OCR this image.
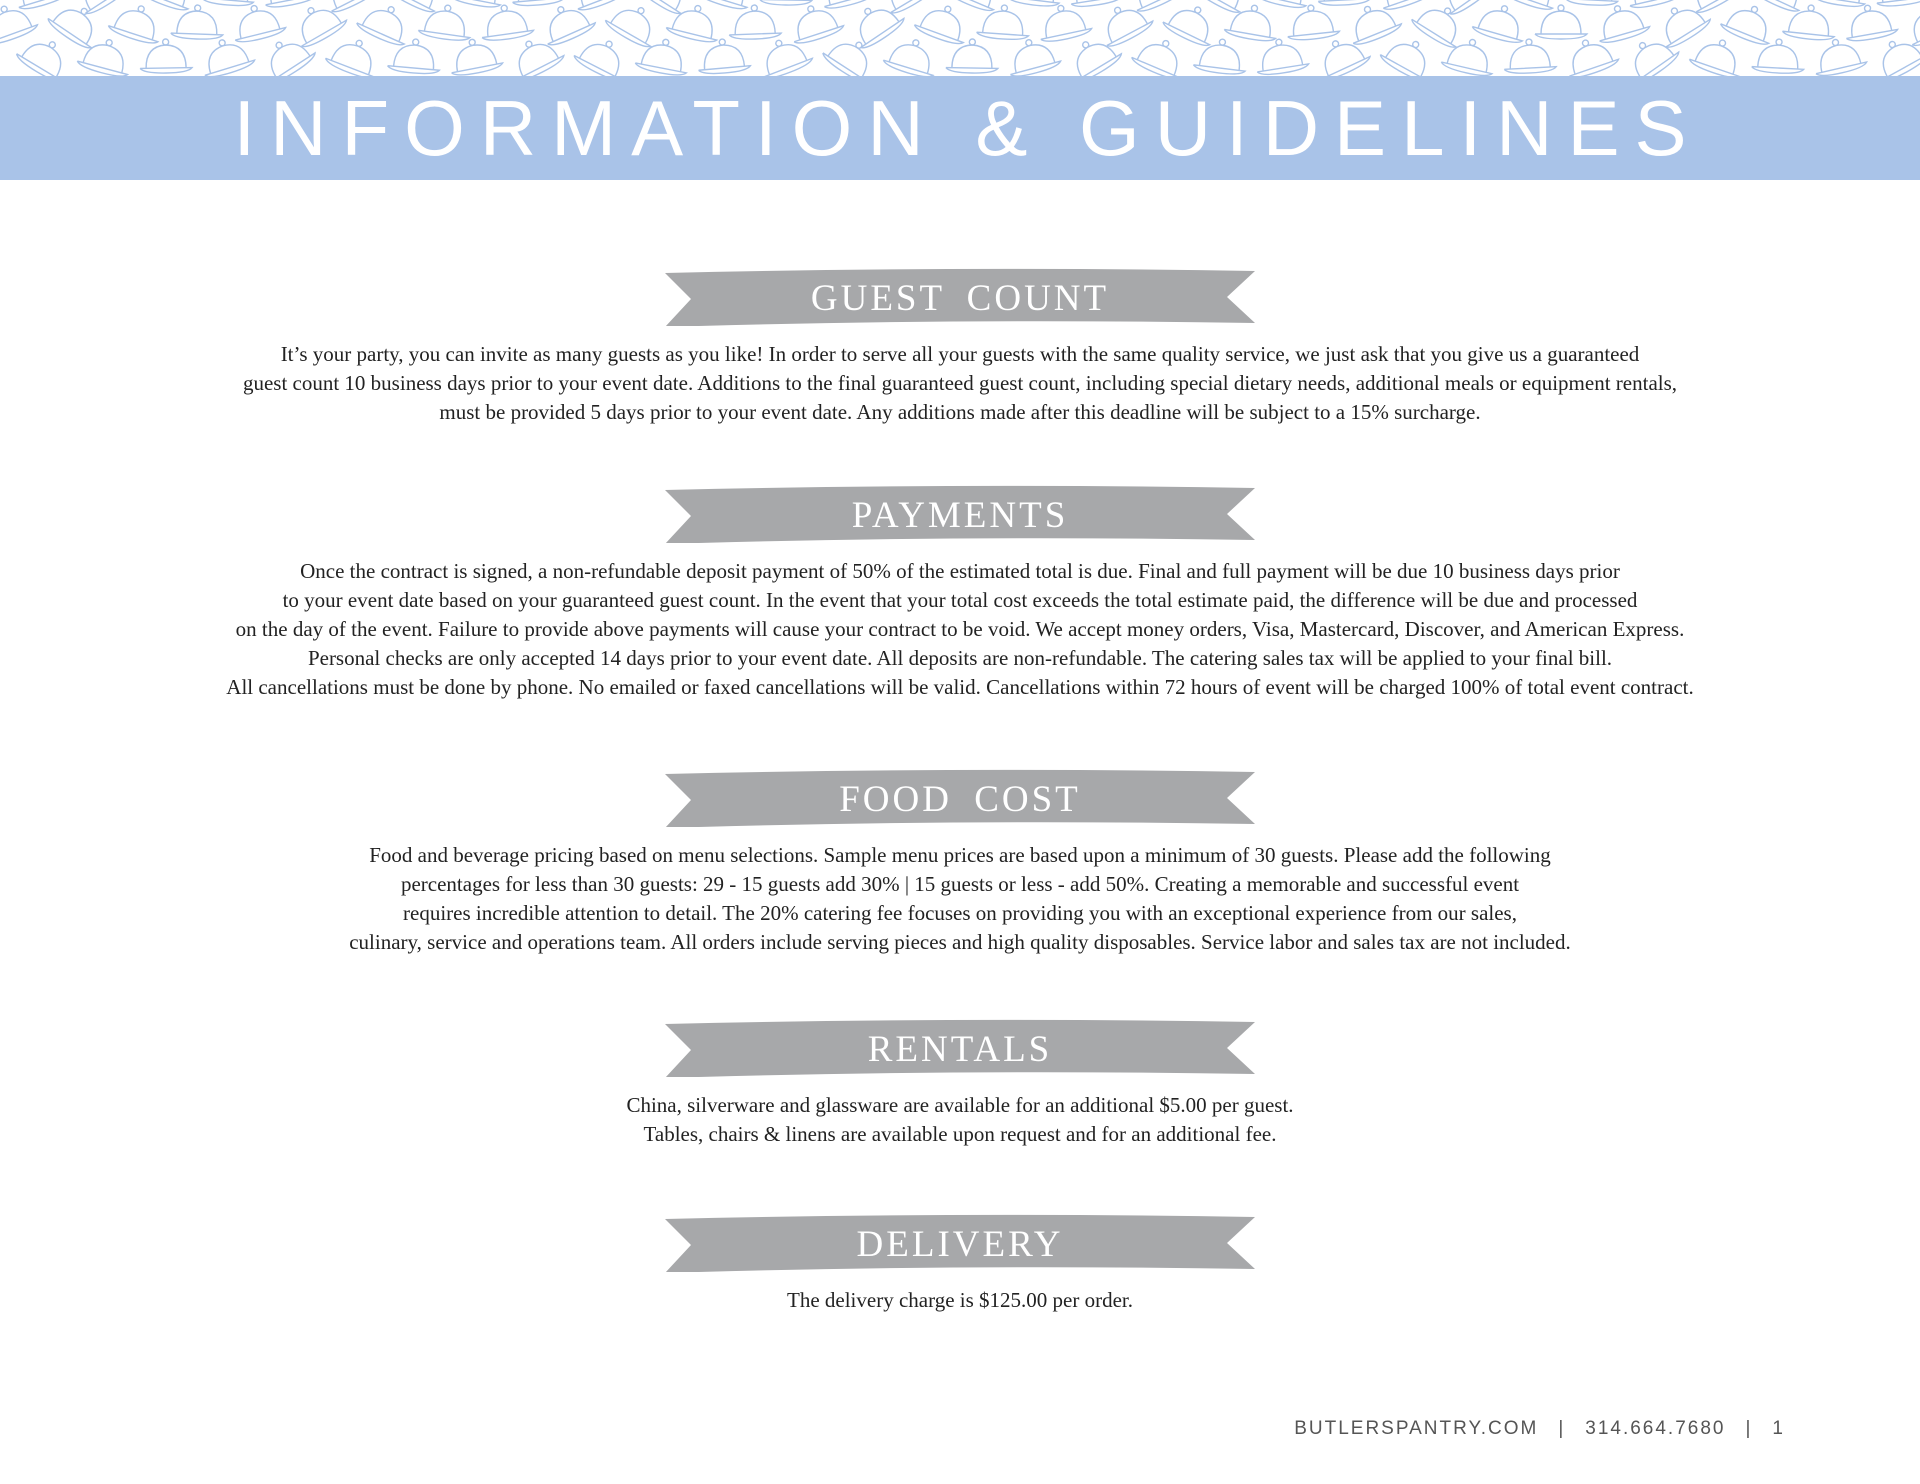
INFORMATION & GUIDELINES
GUEST COUNT
It’s your party, you can invite as many guests as you like! In order to serve all your guests with the same quality service, we just ask that you give us a guaranteed
guest count 10 business days prior to your event date. Additions to the final guaranteed guest count, including special dietary needs, additional meals or equipment rentals,
must be provided 5 days prior to your event date. Any additions made after this deadline will be subject to a 15% surcharge.
PAYMENTS
Once the contract is signed, a non-refundable deposit payment of 50% of the estimated total is due. Final and full payment will be due 10 business days prior
to your event date based on your guaranteed guest count. In the event that your total cost exceeds the total estimate paid, the difference will be due and processed
on the day of the event. Failure to provide above payments will cause your contract to be void. We accept money orders, Visa, Mastercard, Discover, and American Express.
Personal checks are only accepted 14 days prior to your event date. All deposits are non-refundable. The catering sales tax will be applied to your final bill.
All cancellations must be done by phone. No emailed or faxed cancellations will be valid. Cancellations within 72 hours of event will be charged 100% of total event contract.
FOOD COST
Food and beverage pricing based on menu selections. Sample menu prices are based upon a minimum of 30 guests. Please add the following
percentages for less than 30 guests: 29 - 15 guests add 30% | 15 guests or less - add 50%. Creating a memorable and successful event
requires incredible attention to detail. The 20% catering fee focuses on providing you with an exceptional experience from our sales,
culinary, service and operations team. All orders include serving pieces and high quality disposables. Service labor and sales tax are not included.
RENTALS
China, silverware and glassware are available for an additional $5.00 per guest.
Tables, chairs & linens are available upon request and for an additional fee.
DELIVERY
The delivery charge is $125.00 per order.
BUTLERSPANTRY.COM | 314.664.7680 | 1
